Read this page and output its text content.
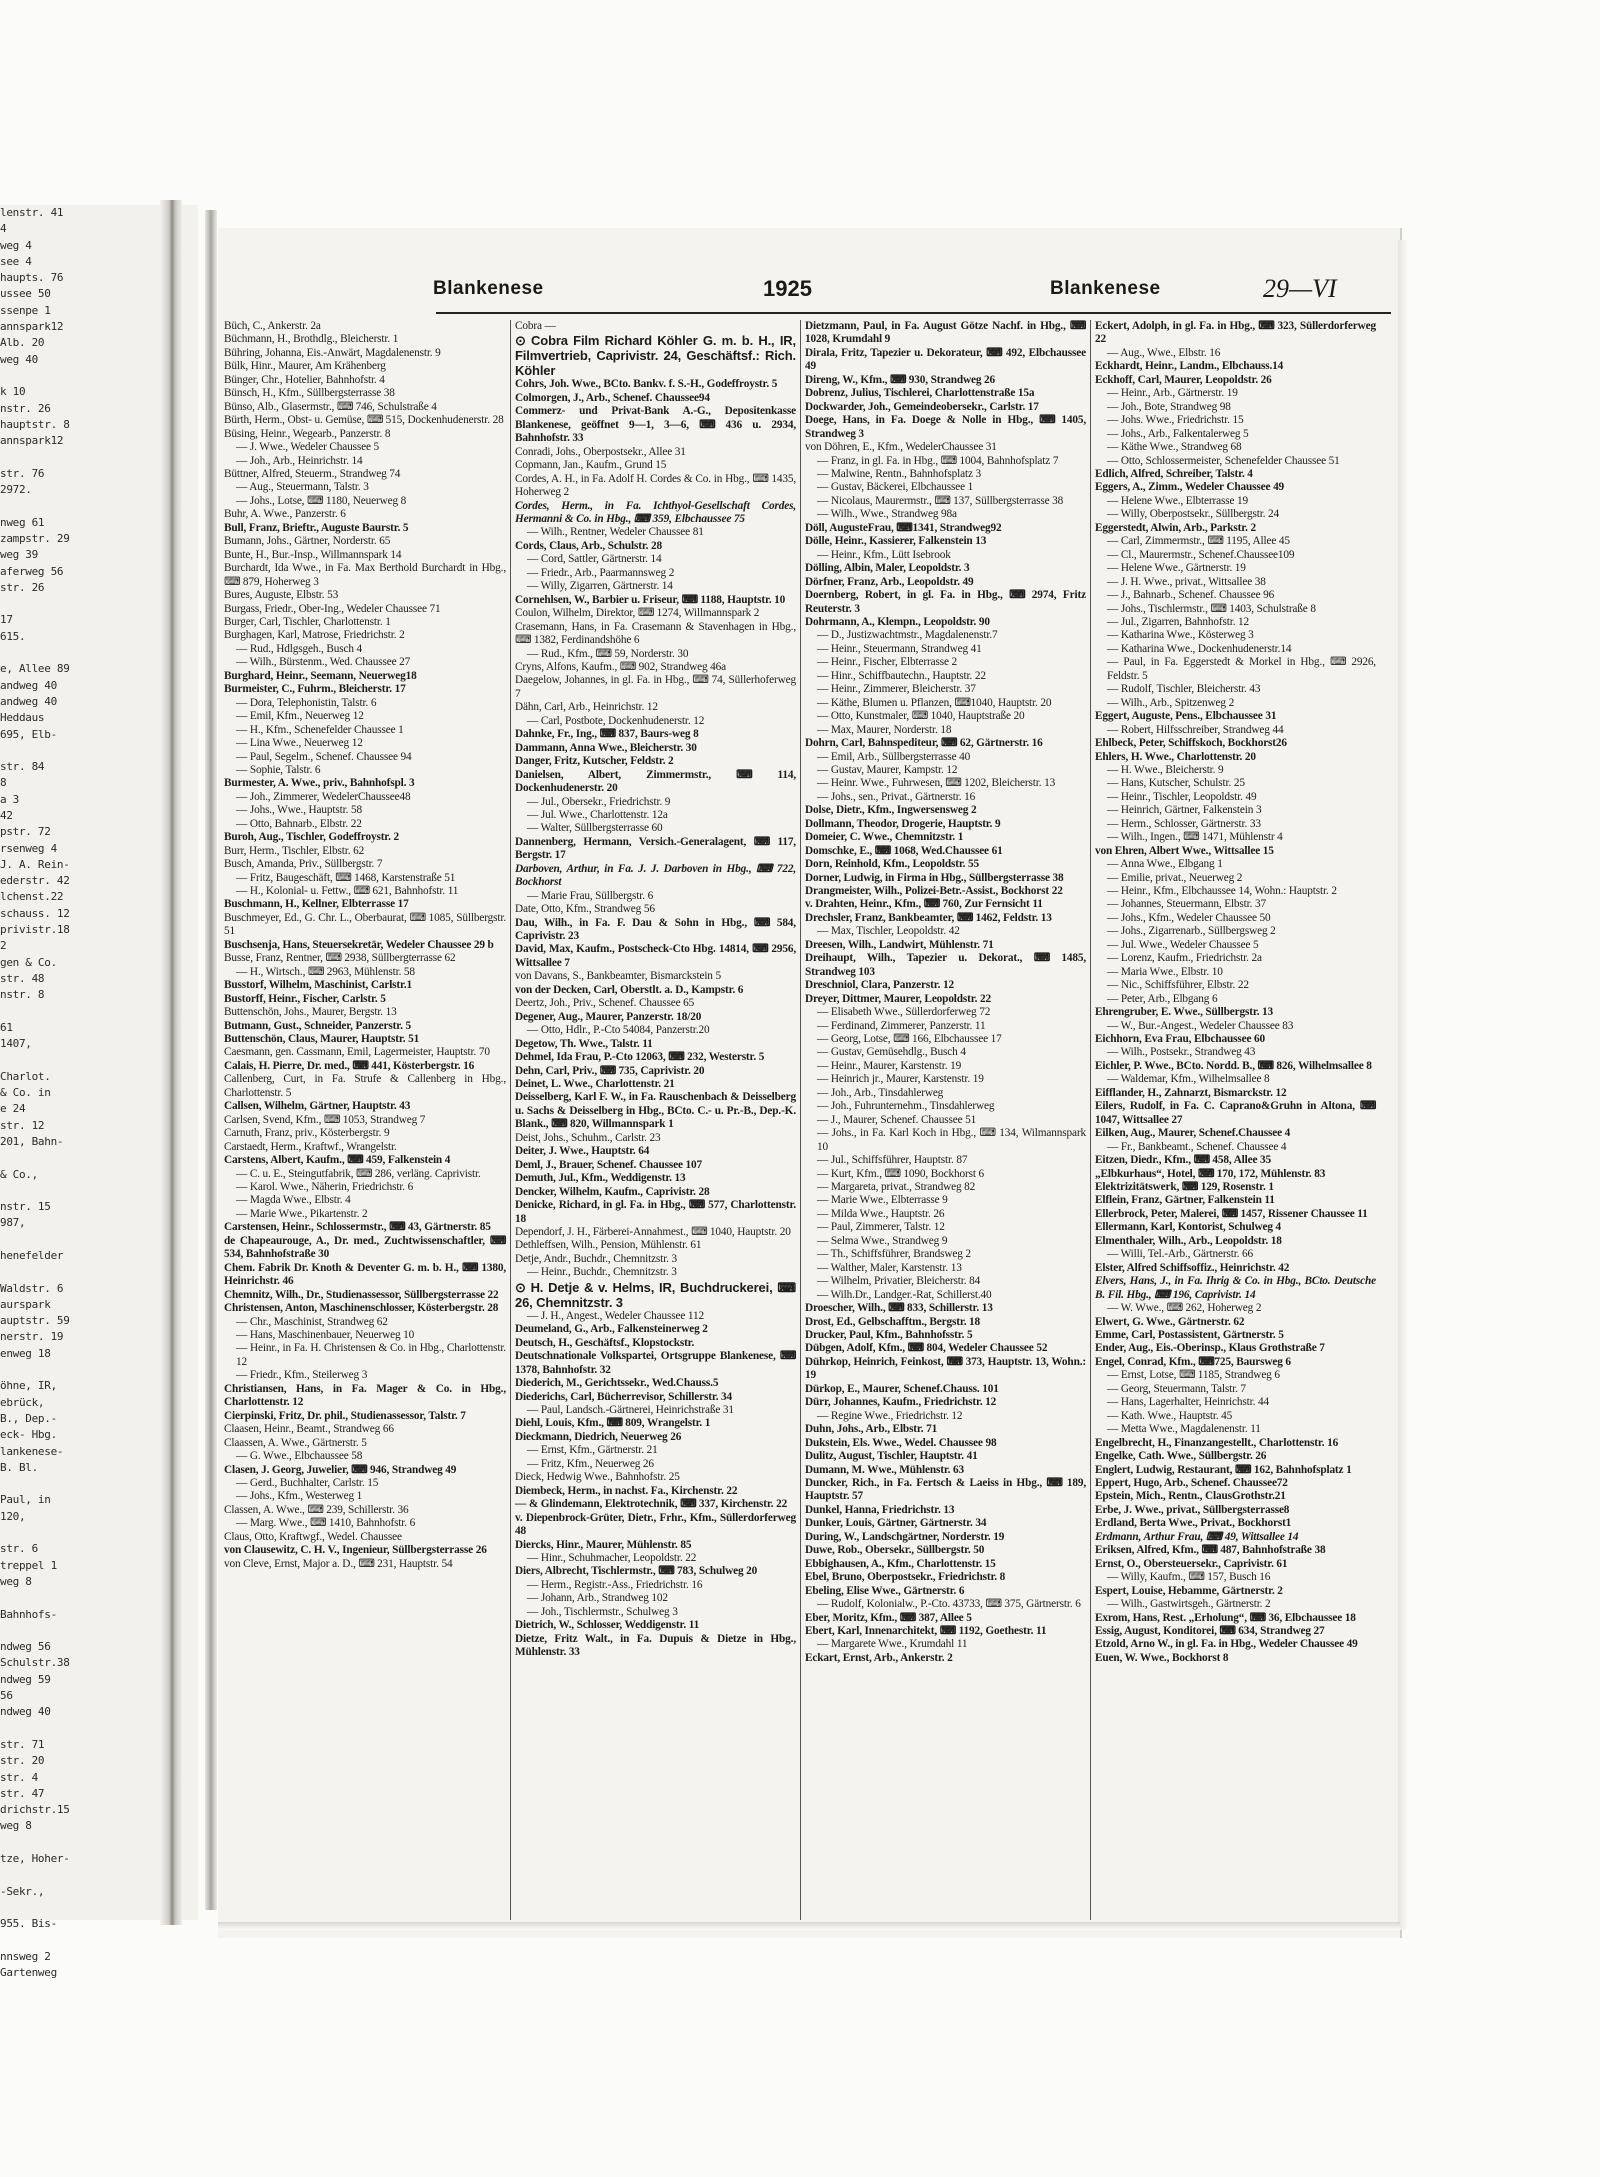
lenstr. 41
4
weg 4
see 4
haupts. 76
ussee 50
ssenpe 1
annspark12
Alb. 20
weg 40

k 10
nstr. 26
hauptstr. 8
annspark12

str. 76
2972.

nweg 61
zampstr. 29
weg 39
aferweg 56
str. 26

17
615.

e, Allee 89
andweg 40
andweg 40
Heddaus
695, Elb-

str. 84
8
a 3
42
pstr. 72
rsenweg 4
J. A. Rein-
ederstr. 42
lchenst.22
schauss. 12
privistr.18
2
gen & Co.
str. 48
nstr. 8

61
1407,

Charlot.
& Co. in
e 24
str. 12
201, Bahn-

& Co.,

nstr. 15
987,

henefelder

Waldstr. 6
aurspark
auptstr. 59
nerstr. 19
enweg 18

öhne, IR,
ebrück,
B., Dep.-
eck- Hbg.
lankenese-
B. Bl.

Paul, in
120,

str. 6
treppel 1
weg 8

Bahnhofs-

ndweg 56
Schulstr.38
ndweg 59
56
ndweg 40

str. 71
str. 20
str. 4
str. 47
drichstr.15
weg 8

tze, Hoher-

-Sekr.,

955. Bis-

nnsweg 2
Gartenweg
Blankenese	1925	Blankenese	29—VI

Büch, C., Ankerstr. 2a

Büchmann, H., Brothdlg., Bleicherstr. 1

Bühring, Johanna, Eis.-Anwärt, Magdalenenstr. 9

Bülk, Hinr., Maurer, Am Krähenberg

Bünger, Chr., Hotelier, Bahnhofstr. 4

Bünsch, H., Kfm., Süllbergsterrasse 38

Bünso, Alb., Glasermstr., ⌨ 746, Schulstraße 4

Bürth, Herm., Obst- u. Gemüse, ⌨ 515, Dockenhudenerstr. 28

Büsing, Heinr., Wegearb., Panzerstr. 8

— J. Wwe., Wedeler Chaussee 5

— Joh., Arb., Heinrichstr. 14

Büttner, Alfred, Steuerm., Strandweg 74

— Aug., Steuermann, Talstr. 3

— Johs., Lotse, ⌨ 1180, Neuerweg 8

Buhr, A. Wwe., Panzerstr. 6

Bull, Franz, Brieftr., Auguste Baurstr. 5

Bumann, Johs., Gärtner, Norderstr. 65

Bunte, H., Bur.-Insp., Willmannspark 14

Burchardt, Ida Wwe., in Fa. Max Berthold Burchardt in Hbg., ⌨ 879, Hoherweg 3

Bures, Auguste, Elbstr. 53

Burgass, Friedr., Ober-Ing., Wedeler Chaussee 71

Burger, Carl, Tischler, Charlottenstr. 1

Burghagen, Karl, Matrose, Friedrichstr. 2

— Rud., Hdlgsgeh., Busch 4

— Wilh., Bürstenm., Wed. Chaussee 27

Burghard, Heinr., Seemann, Neuerweg18

Burmeister, C., Fuhrm., Bleicherstr. 17

— Dora, Telephonistin, Talstr. 6

— Emil, Kfm., Neuerweg 12

— H., Kfm., Schenefelder Chaussee 1

— Lina Wwe., Neuerweg 12

— Paul, Segelm., Schenef. Chaussee 94

— Sophie, Talstr. 6

Burmester, A. Wwe., priv., Bahnhofspl. 3

— Joh., Zimmerer, WedelerChaussee48

— Johs., Wwe., Hauptstr. 58

— Otto, Bahnarb., Elbstr. 22

Buroh, Aug., Tischler, Godeffroystr. 2

Burr, Herm., Tischler, Elbstr. 62

Busch, Amanda, Priv., Süllbergstr. 7

— Fritz, Baugeschäft, ⌨ 1468, Karstenstraße 51

— H., Kolonial- u. Fettw., ⌨ 621, Bahnhofstr. 11

Buschmann, H., Kellner, Elbterrasse 17

Buschmeyer, Ed., G. Chr. L., Oberbaurat, ⌨ 1085, Süllbergstr. 51

Buschsenja, Hans, Steuersekretär, Wedeler Chaussee 29 b

Busse, Franz, Rentner, ⌨ 2938, Süllbergterrasse 62

— H., Wirtsch., ⌨ 2963, Mühlenstr. 58

Busstorf, Wilhelm, Maschinist, Carlstr.1

Bustorff, Heinr., Fischer, Carlstr. 5

Buttenschön, Johs., Maurer, Bergstr. 13

Butmann, Gust., Schneider, Panzerstr. 5

Buttenschön, Claus, Maurer, Hauptstr. 51

Caesmann, gen. Cassmann, Emil, Lagermeister, Hauptstr. 70

Calais, H. Pierre, Dr. med., ⌨ 441, Kösterbergstr. 16

Callenberg, Curt, in Fa. Strufe & Callenberg in Hbg., Charlottenstr. 5

Callsen, Wilhelm, Gärtner, Hauptstr. 43

Carlsen, Svend, Kfm., ⌨ 1053, Strandweg 7

Carnuth, Franz, priv., Kösterbergstr. 9

Carstaedt, Herm., Kraftwf., Wrangelstr.

Carstens, Albert, Kaufm., ⌨ 459, Falkenstein 4

— C. u. E., Steingutfabrik, ⌨ 286, verläng. Caprivistr.

— Karol. Wwe., Näherin, Friedrichstr. 6

— Magda Wwe., Elbstr. 4

— Marie Wwe., Pikartenstr. 2

Carstensen, Heinr., Schlossermstr., ⌨ 43, Gärtnerstr. 85

de Chapeaurouge, A., Dr. med., Zuchtwissenschaftler, ⌨ 534, Bahnhofstraße 30

Chem. Fabrik Dr. Knoth & Deventer G. m. b. H., ⌨ 1380, Heinrichstr. 46

Chemnitz, Wilh., Dr., Studienassessor, Süllbergsterrasse 22

Christensen, Anton, Maschinenschlosser, Kösterbergstr. 28

— Chr., Maschinist, Strandweg 62

— Hans, Maschinenbauer, Neuerweg 10

— Heinr., in Fa. H. Christensen & Co. in Hbg., Charlottenstr. 12

— Friedr., Kfm., Steilerweg 3

Christiansen, Hans, in Fa. Mager & Co. in Hbg., Charlottenstr. 12

Cierpinski, Fritz, Dr. phil., Studienassessor, Talstr. 7

Claasen, Heinr., Beamt., Strandweg 66

Claassen, A. Wwe., Gärtnerstr. 5

— G. Wwe., Elbchaussee 58

Clasen, J. Georg, Juwelier, ⌨ 946, Strandweg 49

— Gerd., Buchhalter, Carlstr. 15

— Johs., Kfm., Westerweg 1

Classen, A. Wwe., ⌨ 239, Schillerstr. 36

— Marg. Wwe., ⌨ 1410, Bahnhofstr. 6

Claus, Otto, Kraftwgf., Wedel. Chaussee

von Clausewitz, C. H. V., Ingenieur, Süllbergsterrasse 26

von Cleve, Ernst, Major a. D., ⌨ 231, Hauptstr. 54

Cobra —

⊙ Cobra Film Richard Köhler G. m. b. H., IR, Filmvertrieb, Caprivistr. 24, Geschäftsf.: Rich. Köhler

Cohrs, Joh. Wwe., BCto. Bankv. f. S.-H., Godeffroystr. 5

Colmorgen, J., Arb., Schenef. Chaussee94

Commerz- und Privat-Bank A.-G., Depositenkasse Blankenese, geöffnet 9—1, 3—6, ⌨ 436 u. 2934, Bahnhofstr. 33

Conradi, Johs., Oberpostsekr., Allee 31

Copmann, Jan., Kaufm., Grund 15

Cordes, A. H., in Fa. Adolf H. Cordes & Co. in Hbg., ⌨ 1435, Hoherweg 2

Cordes, Herm., in Fa. Ichthyol-Gesellschaft Cordes, Hermanni & Co. in Hbg., ⌨ 359, Elbchaussee 75

— Wilh., Rentner, Wedeler Chaussee 81

Cords, Claus, Arb., Schulstr. 28

— Cord, Sattler, Gärtnerstr. 14

— Friedr., Arb., Paarmannsweg 2

— Willy, Zigarren, Gärtnerstr. 14

Cornehlsen, W., Barbier u. Friseur, ⌨ 1188, Hauptstr. 10

Coulon, Wilhelm, Direktor, ⌨ 1274, Willmannspark 2

Crasemann, Hans, in Fa. Crasemann & Stavenhagen in Hbg., ⌨ 1382, Ferdinandshöhe 6

— Rud., Kfm., ⌨ 59, Norderstr. 30

Cryns, Alfons, Kaufm., ⌨ 902, Strandweg 46a

Daegelow, Johannes, in gl. Fa. in Hbg., ⌨ 74, Süllerhoferweg 7

Dähn, Carl, Arb., Heinrichstr. 12

— Carl, Postbote, Dockenhudenerstr. 12

Dahnke, Fr., Ing., ⌨ 837, Baurs-weg 8

Dammann, Anna Wwe., Bleicherstr. 30

Danger, Fritz, Kutscher, Feldstr. 2

Danielsen, Albert, Zimmermstr., ⌨ 114, Dockenhudenerstr. 20

— Jul., Obersekr., Friedrichstr. 9

— Jul. Wwe., Charlottenstr. 12a

— Walter, Süllbergsterrasse 60

Dannenberg, Hermann, Versich.-Generalagent, ⌨ 117, Bergstr. 17

Darboven, Arthur, in Fa. J. J. Darboven in Hbg., ⌨ 722, Bockhorst

— Marie Frau, Süllbergstr. 6

Date, Otto, Kfm., Strandweg 56

Dau, Wilh., in Fa. F. Dau & Sohn in Hbg., ⌨ 584, Caprivistr. 23

David, Max, Kaufm., Postscheck-Cto Hbg. 14814, ⌨ 2956, Wittsallee 7

von Davans, S., Bankbeamter, Bismarckstein 5

von der Decken, Carl, Oberstlt. a. D., Kampstr. 6

Deertz, Joh., Priv., Schenef. Chaussee 65

Degener, Aug., Maurer, Panzerstr. 18/20

— Otto, Hdlr., P.-Cto 54084, Panzerstr.20

Degetow, Th. Wwe., Talstr. 11

Dehmel, Ida Frau, P.-Cto 12063, ⌨ 232, Westerstr. 5

Dehn, Carl, Priv., ⌨ 735, Caprivistr. 20

Deinet, L. Wwe., Charlottenstr. 21

Deisselberg, Karl F. W., in Fa. Rauschenbach & Deisselberg u. Sachs & Deisselberg in Hbg., BCto. C.- u. Pr.-B., Dep.-K. Blank., ⌨ 820, Willmannspark 1

Deist, Johs., Schuhm., Carlstr. 23

Deiter, J. Wwe., Hauptstr. 64

Deml, J., Brauer, Schenef. Chaussee 107

Demuth, Jul., Kfm., Weddigenstr. 13

Dencker, Wilhelm, Kaufm., Caprivistr. 28

Denicke, Richard, in gl. Fa. in Hbg., ⌨ 577, Charlottenstr. 18

Dependorf, J. H., Färberei-Annahmest., ⌨ 1040, Hauptstr. 20

Dethleffsen, Wilh., Pension, Mühlenstr. 61

Detje, Andr., Buchdr., Chemnitzstr. 3

— Heinr., Buchdr., Chemnitzstr. 3

⊙ H. Detje & v. Helms, IR, Buchdruckerei, ⌨ 26, Chemnitzstr. 3

— J. H., Angest., Wedeler Chaussee 112

Deumeland, G., Arb., Falkensteinerweg 2

Deutsch, H., Geschäftsf., Klopstockstr.

Deutschnationale Volkspartei, Ortsgruppe Blankenese, ⌨ 1378, Bahnhofstr. 32

Diederich, M., Gerichtssekr., Wed.Chauss.5

Diederichs, Carl, Bücherrevisor, Schillerstr. 34

— Paul, Landsch.-Gärtnerei, Heinrichstraße 31

Diehl, Louis, Kfm., ⌨ 809, Wrangelstr. 1

Dieckmann, Diedrich, Neuerweg 26

— Ernst, Kfm., Gärtnerstr. 21

— Fritz, Kfm., Neuerweg 26

Dieck, Hedwig Wwe., Bahnhofstr. 25

Diembeck, Herm., in nachst. Fa., Kirchenstr. 22

— & Glindemann, Elektrotechnik, ⌨ 337, Kirchenstr. 22

v. Diepenbrock-Grüter, Dietr., Frhr., Kfm., Süllerdorferweg 48

Diercks, Hinr., Maurer, Mühlenstr. 85

— Hinr., Schuhmacher, Leopoldstr. 22

Diers, Albrecht, Tischlermstr., ⌨ 783, Schulweg 20

— Herm., Registr.-Ass., Friedrichstr. 16

— Johann, Arb., Strandweg 102

— Joh., Tischlermstr., Schulweg 3

Dietrich, W., Schlosser, Weddigenstr. 11

Dietze, Fritz Walt., in Fa. Dupuis & Dietze in Hbg., Mühlenstr. 33

Dietzmann, Paul, in Fa. August Götze Nachf. in Hbg., ⌨ 1028, Krumdahl 9

Dirala, Fritz, Tapezier u. Dekorateur, ⌨ 492, Elbchaussee 49

Direng, W., Kfm., ⌨ 930, Strandweg 26

Dobrenz, Julius, Tischlerei, Charlottenstraße 15a

Dockwarder, Joh., Gemeindeobersekr., Carlstr. 17

Doege, Hans, in Fa. Doege & Nolle in Hbg., ⌨ 1405, Strandweg 3

von Döhren, E., Kfm., WedelerChaussee 31

— Franz, in gl. Fa. in Hbg., ⌨ 1004, Bahnhofsplatz 7

— Malwine, Rentn., Bahnhofsplatz 3

— Gustav, Bäckerei, Elbchaussee 1

— Nicolaus, Maurermstr., ⌨ 137, Süllbergsterrasse 38

— Wilh., Wwe., Strandweg 98a

Döll, AugusteFrau, ⌨1341, Strandweg92

Dölle, Heinr., Kassierer, Falkenstein 13

— Heinr., Kfm., Lütt Isebrook

Dölling, Albin, Maler, Leopoldstr. 3

Dörfner, Franz, Arb., Leopoldstr. 49

Doernberg, Robert, in gl. Fa. in Hbg., ⌨ 2974, Fritz Reuterstr. 3

Dohrmann, A., Klempn., Leopoldstr. 90

— D., Justizwachtmstr., Magdalenenstr.7

— Heinr., Steuermann, Strandweg 41

— Heinr., Fischer, Elbterrasse 2

— Hinr., Schiffbautechn., Hauptstr. 22

— Heinr., Zimmerer, Bleicherstr. 37

— Käthe, Blumen u. Pflanzen, ⌨1040, Hauptstr. 20

— Otto, Kunstmaler, ⌨ 1040, Hauptstraße 20

— Max, Maurer, Norderstr. 18

Dohrn, Carl, Bahnspediteur, ⌨ 62, Gärtnerstr. 16

— Emil, Arb., Süllbergsterrasse 40

— Gustav, Maurer, Kampstr. 12

— Heinr. Wwe., Fuhrwesen, ⌨ 1202, Bleicherstr. 13

— Johs., sen., Privat., Gärtnerstr. 16

Dolse, Dietr., Kfm., Ingwersensweg 2

Dollmann, Theodor, Drogerie, Hauptstr. 9

Domeier, C. Wwe., Chemnitzstr. 1

Domschke, E., ⌨ 1068, Wed.Chaussee 61

Dorn, Reinhold, Kfm., Leopoldstr. 55

Dorner, Ludwig, in Firma in Hbg., Süllbergsterrasse 38

Drangmeister, Wilh., Polizei-Betr.-Assist., Bockhorst 22

v. Drahten, Heinr., Kfm., ⌨ 760, Zur Fernsicht 11

Drechsler, Franz, Bankbeamter, ⌨ 1462, Feldstr. 13

— Max, Tischler, Leopoldstr. 42

Dreesen, Wilh., Landwirt, Mühlenstr. 71

Dreihaupt, Wilh., Tapezier u. Dekorat., ⌨ 1485, Strandweg 103

Dreschniol, Clara, Panzerstr. 12

Dreyer, Dittmer, Maurer, Leopoldstr. 22

— Elisabeth Wwe., Süllerdorferweg 72

— Ferdinand, Zimmerer, Panzerstr. 11

— Georg, Lotse, ⌨ 166, Elbchaussee 17

— Gustav, Gemüsehdlg., Busch 4

— Heinr., Maurer, Karstenstr. 19

— Heinrich jr., Maurer, Karstenstr. 19

— Joh., Arb., Tinsdahlerweg

— Joh., Fuhrunternehm., Tinsdahlerweg

— J., Maurer, Schenef. Chaussee 51

— Johs., in Fa. Karl Koch in Hbg., ⌨ 134, Wilmannspark 10

— Jul., Schiffsführer, Hauptstr. 87

— Kurt, Kfm., ⌨ 1090, Bockhorst 6

— Margareta, privat., Strandweg 82

— Marie Wwe., Elbterrasse 9

— Milda Wwe., Hauptstr. 26

— Paul, Zimmerer, Talstr. 12

— Selma Wwe., Strandweg 9

— Th., Schiffsführer, Brandsweg 2

— Walther, Maler, Karstenstr. 13

— Wilhelm, Privatier, Bleicherstr. 84

— Wilh.Dr., Landger.-Rat, Schillerst.40

Droescher, Wilh., ⌨ 833, Schillerstr. 13

Drost, Ed., Gelbschafftm., Bergstr. 18

Drucker, Paul, Kfm., Bahnhofsstr. 5

Dübgen, Adolf, Kfm., ⌨ 804, Wedeler Chaussee 52

Dührkop, Heinrich, Feinkost, ⌨ 373, Hauptstr. 13, Wohn.: 19

Dürkop, E., Maurer, Schenef.Chauss. 101

Dürr, Johannes, Kaufm., Friedrichstr. 12

— Regine Wwe., Friedrichstr. 12

Duhn, Johs., Arb., Elbstr. 71

Dukstein, Els. Wwe., Wedel. Chaussee 98

Dulitz, August, Tischler, Hauptstr. 41

Dumann, M. Wwe., Mühlenstr. 63

Duncker, Rich., in Fa. Fertsch & Laeiss in Hbg., ⌨ 189, Hauptstr. 57

Dunkel, Hanna, Friedrichstr. 13

Dunker, Louis, Gärtner, Gärtnerstr. 34

During, W., Landschgärtner, Norderstr. 19

Duwe, Rob., Obersekr., Süllbergstr. 50

Ebbighausen, A., Kfm., Charlottenstr. 15

Ebel, Bruno, Oberpostsekr., Friedrichstr. 8

Ebeling, Elise Wwe., Gärtnerstr. 6

— Rudolf, Kolonialw., P.-Cto. 43733, ⌨ 375, Gärtnerstr. 6

Eber, Moritz, Kfm., ⌨ 387, Allee 5

Ebert, Karl, Innenarchitekt, ⌨ 1192, Goethestr. 11

— Margarete Wwe., Krumdahl 11

Eckart, Ernst, Arb., Ankerstr. 2

Eckert, Adolph, in gl. Fa. in Hbg., ⌨ 323, Süllerdorferweg 22

— Aug., Wwe., Elbstr. 16

Eckhardt, Heinr., Landm., Elbchauss.14

Eckhoff, Carl, Maurer, Leopoldstr. 26

— Heinr., Arb., Gärtnerstr. 19

— Joh., Bote, Strandweg 98

— Johs. Wwe., Friedrichstr. 15

— Johs., Arb., Falkentalerweg 5

— Käthe Wwe., Strandweg 68

— Otto, Schlossermeister, Schenefelder Chaussee 51

Edlich, Alfred, Schreiber, Talstr. 4

Eggers, A., Zimm., Wedeler Chaussee 49

— Helene Wwe., Elbterrasse 19

— Willy, Oberpostsekr., Süllbergstr. 24

Eggerstedt, Alwin, Arb., Parkstr. 2

— Carl, Zimmermstr., ⌨ 1195, Allee 45

— Cl., Maurermstr., Schenef.Chaussee109

— Helene Wwe., Gärtnerstr. 19

— J. H. Wwe., privat., Wittsallee 38

— J., Bahnarb., Schenef. Chaussee 96

— Johs., Tischlermstr., ⌨ 1403, Schulstraße 8

— Jul., Zigarren, Bahnhofstr. 12

— Katharina Wwe., Kösterweg 3

— Katharina Wwe., Dockenhudenerstr.14

— Paul, in Fa. Eggerstedt & Morkel in Hbg., ⌨ 2926, Feldstr. 5

— Rudolf, Tischler, Bleicherstr. 43

— Wilh., Arb., Spitzenweg 2

Eggert, Auguste, Pens., Elbchaussee 31

— Robert, Hilfsschreiber, Strandweg 44

Ehlbeck, Peter, Schiffskoch, Bockhorst26

Ehlers, H. Wwe., Charlottenstr. 20

— H. Wwe., Bleicherstr. 9

— Hans, Kutscher, Schulstr. 25

— Heinr., Tischler, Leopoldstr. 49

— Heinrich, Gärtner, Falkenstein 3

— Herm., Schlosser, Gärtnerstr. 33

— Wilh., Ingen., ⌨ 1471, Mühlenstr 4

von Ehren, Albert Wwe., Wittsallee 15

— Anna Wwe., Elbgang 1

— Emilie, privat., Neuerweg 2

— Heinr., Kfm., Elbchaussee 14, Wohn.: Hauptstr. 2

— Johannes, Steuermann, Elbstr. 37

— Johs., Kfm., Wedeler Chaussee 50

— Johs., Zigarrenarb., Süllbergsweg 2

— Jul. Wwe., Wedeler Chaussee 5

— Lorenz, Kaufm., Friedrichstr. 2a

— Maria Wwe., Elbstr. 10

— Nic., Schiffsführer, Elbstr. 22

— Peter, Arb., Elbgang 6

Ehrengruber, E. Wwe., Süllbergstr. 13

— W., Bur.-Angest., Wedeler Chaussee 83

Eichhorn, Eva Frau, Elbchaussee 60

— Wilh., Postsekr., Strandweg 43

Eichler, P. Wwe., BCto. Nordd. B., ⌨ 826, Wilhelmsallee 8

— Waldemar, Kfm., Wilhelmsallee 8

Eifflander, H., Zahnarzt, Bismarckstr. 12

Eilers, Rudolf, in Fa. C. Caprano&Gruhn in Altona, ⌨ 1047, Wittsallee 27

Eilken, Aug., Maurer, Schenef.Chaussee 4

— Fr., Bankbeamt., Schenef. Chaussee 4

Eitzen, Diedr., Kfm., ⌨ 458, Allee 35

„Elbkurhaus“, Hotel, ⌨ 170, 172, Mühlenstr. 83

Elektrizitätswerk, ⌨ 129, Rosenstr. 1

Elflein, Franz, Gärtner, Falkenstein 11

Ellerbrock, Peter, Malerei, ⌨ 1457, Rissener Chaussee 11

Ellermann, Karl, Kontorist, Schulweg 4

Elmenthaler, Wilh., Arb., Leopoldstr. 18

— Willi, Tel.-Arb., Gärtnerstr. 66

Elster, Alfred Schiffsoffiz., Heinrichstr. 42

Elvers, Hans, J., in Fa. Ihrig & Co. in Hbg., BCto. Deutsche B. Fil. Hbg., ⌨ 196, Caprivistr. 14

— W. Wwe., ⌨ 262, Hoherweg 2

Elwert, G. Wwe., Gärtnerstr. 62

Emme, Carl, Postassistent, Gärtnerstr. 5

Ender, Aug., Eis.-Oberinsp., Klaus Grothstraße 7

Engel, Conrad, Kfm., ⌨725, Baursweg 6

— Ernst, Lotse, ⌨ 1185, Strandweg 6

— Georg, Steuermann, Talstr. 7

— Hans, Lagerhalter, Heinrichstr. 44

— Kath. Wwe., Hauptstr. 45

— Metta Wwe., Magdalenenstr. 11

Engelbrecht, H., Finanzangestellt., Charlottenstr. 16

Engelke, Cath. Wwe., Süllbergstr. 26

Englert, Ludwig, Restaurant, ⌨ 162, Bahnhofsplatz 1

Eppert, Hugo, Arb., Schenef. Chaussee72

Epstein, Mich., Rentn., ClausGrothstr.21

Erbe, J. Wwe., privat., Süllbergsterrasse8

Erdland, Berta Wwe., Privat., Bockhorst1

Erdmann, Arthur Frau, ⌨ 49, Wittsallee 14

Eriksen, Alfred, Kfm., ⌨ 487, Bahnhofstraße 38

Ernst, O., Obersteuersekr., Caprivistr. 61

— Willy, Kaufm., ⌨ 157, Busch 16

Espert, Louise, Hebamme, Gärtnerstr. 2

— Wilh., Gastwirtsgeh., Gärtnerstr. 2

Exrom, Hans, Rest. „Erholung“, ⌨ 36, Elbchaussee 18

Essig, August, Konditorei, ⌨ 634, Strandweg 27

Etzold, Arno W., in gl. Fa. in Hbg., Wedeler Chaussee 49

Euen, W. Wwe., Bockhorst 8
